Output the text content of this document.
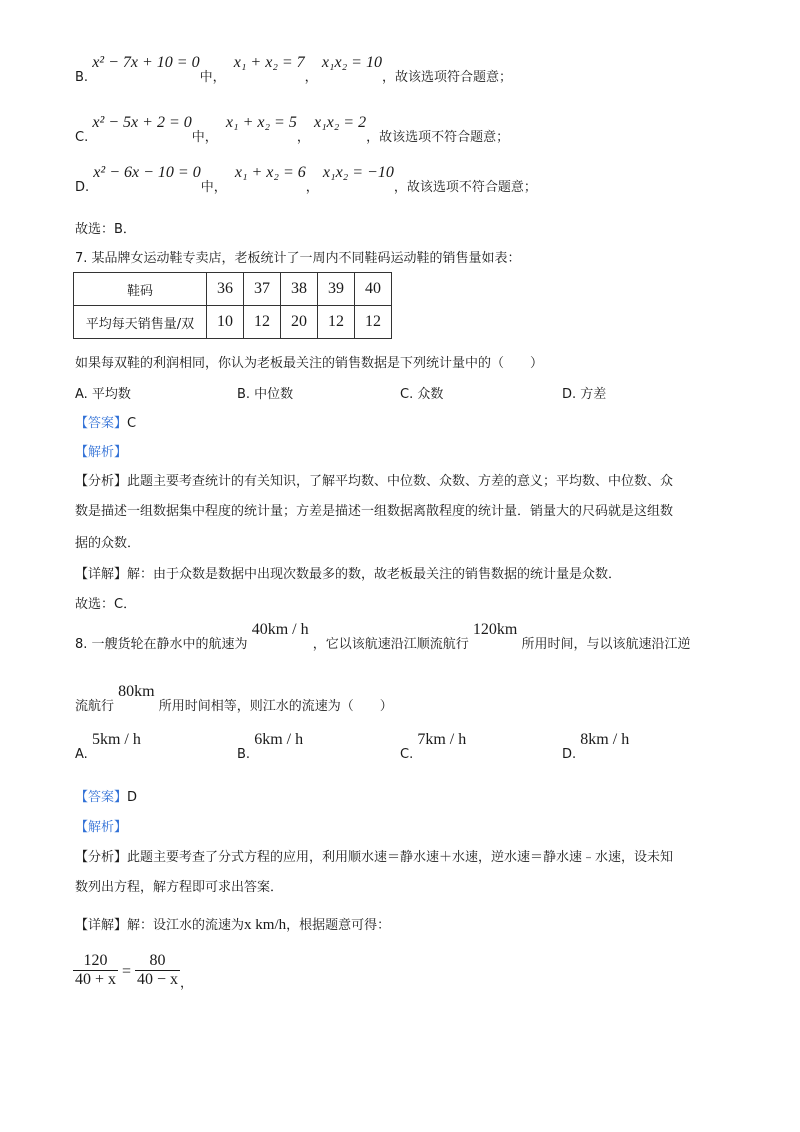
B. x² − 7x + 10 = 0中， x₁ + x₂ = 7， x₁x₂ = 10，故该选项符合题意；
C. x² − 5x + 2 = 0中， x₁ + x₂ = 5， x₁x₂ = 2，故该选项不符合题意；
D. x² − 6x − 10 = 0中， x₁ + x₂ = 6， x₁x₂ = −10，故该选项不符合题意；
故选：B．
7. 某品牌女运动鞋专卖店，老板统计了一周内不同鞋码运动鞋的销售量如表：
鞋码	36	37	38	39	40
平均每天销售量/双	10	12	20	12	12
如果每双鞋的利润相同，你认为老板最关注的销售数据是下列统计量中的（　　）
A. 平均数	B. 中位数	C. 众数	D. 方差
【答案】C
【解析】
【分析】此题主要考查统计的有关知识，了解平均数、中位数、众数、方差的意义；平均数、中位数、众
数是描述一组数据集中程度的统计量；方差是描述一组数据离散程度的统计量．销量大的尺码就是这组数
据的众数．
【详解】解：由于众数是数据中出现次数最多的数，故老板最关注的销售数据的统计量是众数．
故选：C．
8. 一艘货轮在静水中的航速为 40km / h ，它以该航速沿江顺流航行 120km 所用时间，与以该航速沿江逆
流航行 80km 所用时间相等，则江水的流速为（　　）
A. 5km / h
B. 6km / h
C. 7km / h
D. 8km / h
【答案】D
【解析】
【分析】此题主要考查了分式方程的应用，利用顺水速＝静水速＋水速，逆水速＝静水速﹣水速，设未知
数列出方程，解方程即可求出答案．
【详解】解：设江水的流速为x km/h，根据题意可得：
$\frac{120}{40 + x} = \frac{80}{40 - x}$ ，
